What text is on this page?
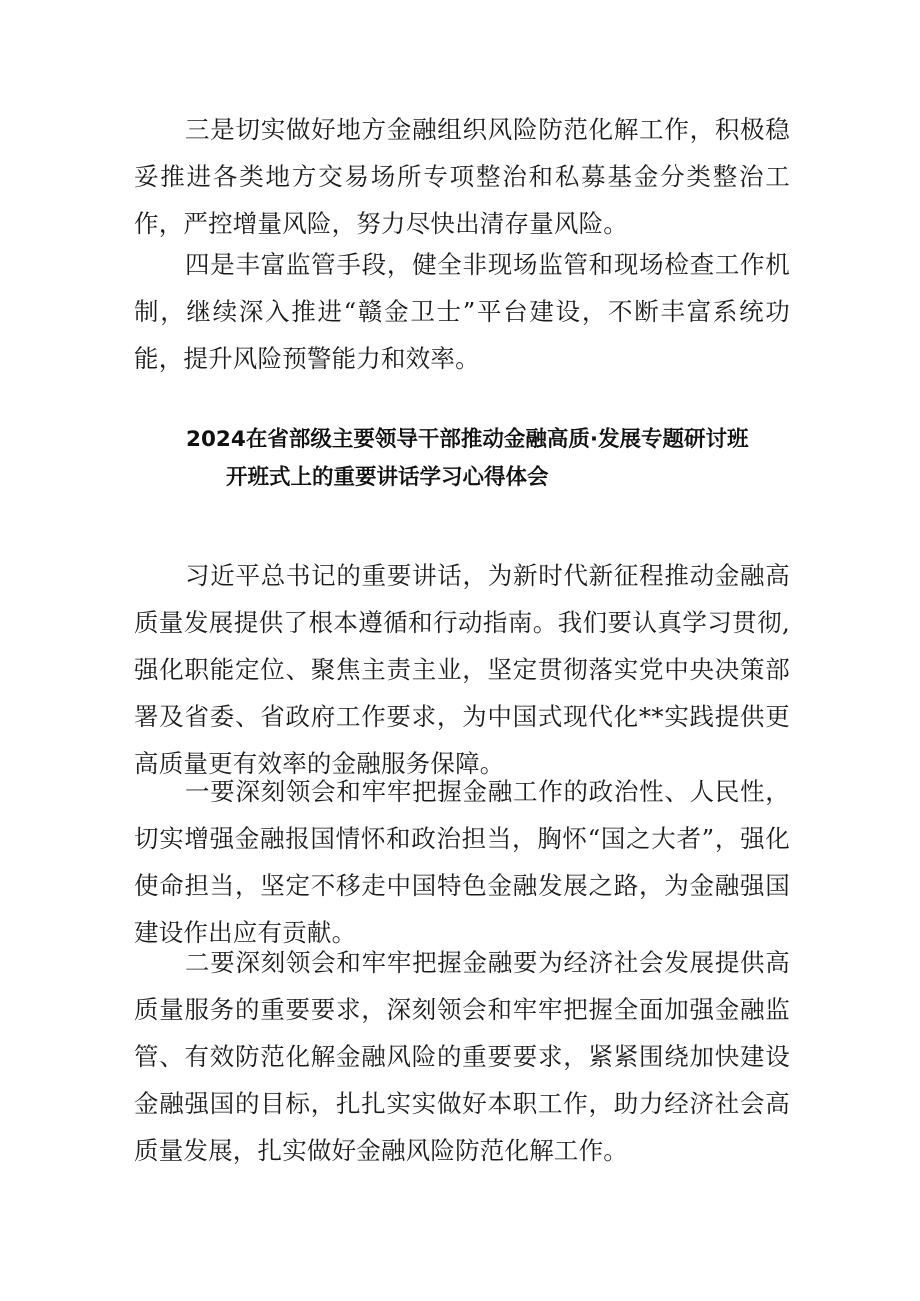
三是切实做好地方金融组织风险防范化解工作，积极稳妥推进各类地方交易场所专项整治和私募基金分类整治工作，严控增量风险，努力尽快出清存量风险。

四是丰富监管手段，健全非现场监管和现场检查工作机制，继续深入推进“赣金卫士”平台建设，不断丰富系统功能，提升风险预警能力和效率。

2024在省部级主要领导干部推动金融高质·发展专题研讨班
开班式上的重要讲话学习心得体会

习近平总书记的重要讲话，为新时代新征程推动金融高质量发展提供了根本遵循和行动指南。我们要认真学习贯彻,强化职能定位、聚焦主责主业，坚定贯彻落实党中央决策部署及省委、省政府工作要求，为中国式现代化**实践提供更高质量更有效率的金融服务保障。

一要深刻领会和牢牢把握金融工作的政治性、人民性，切实增强金融报国情怀和政治担当，胸怀“国之大者”，强化使命担当，坚定不移走中国特色金融发展之路，为金融强国建设作出应有贡献。

二要深刻领会和牢牢把握金融要为经济社会发展提供高质量服务的重要要求，深刻领会和牢牢把握全面加强金融监管、有效防范化解金融风险的重要要求，紧紧围绕加快建设金融强国的目标，扎扎实实做好本职工作，助力经济社会高质量发展，扎实做好金融风险防范化解工作。
